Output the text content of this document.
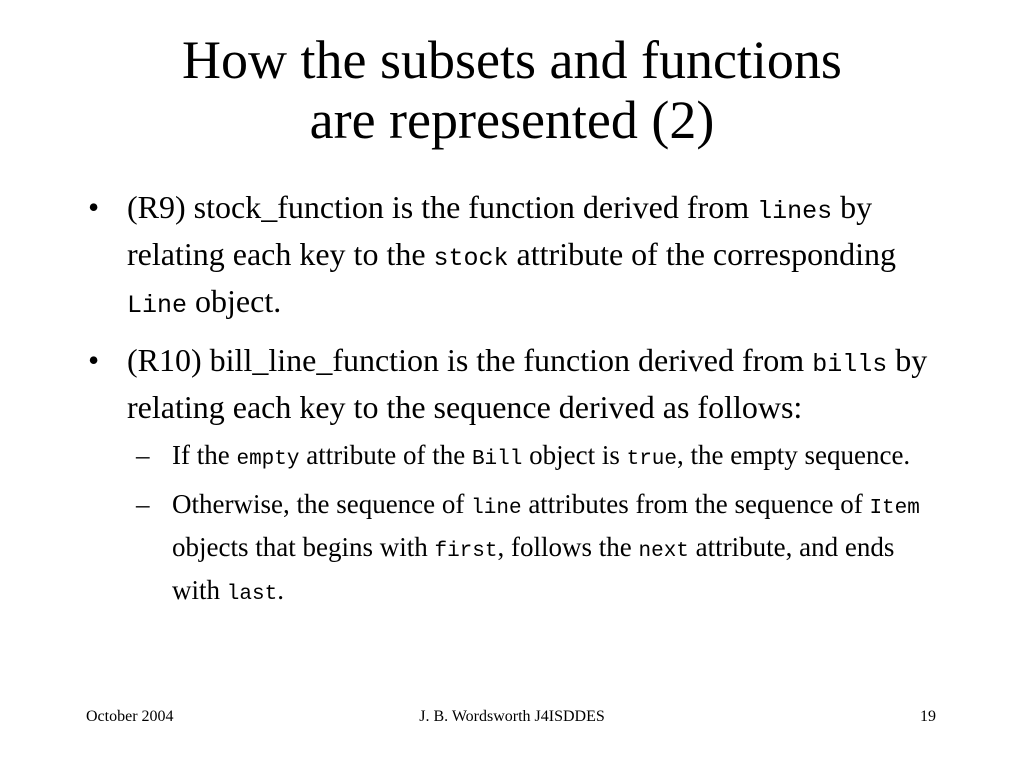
How the subsets and functions
are represented (2)
• (R9) stock_function is the function derived from lines by relating each key to the stock attribute of the corresponding Line object.
• (R10) bill_line_function is the function derived from bills by relating each key to the sequence derived as follows:
– If the empty attribute of the Bill object is true, the empty sequence.
– Otherwise, the sequence of line attributes from the sequence of Item objects that begins with first, follows the next attribute, and ends with last.
October 2004	J. B. Wordsworth J4ISDDES	19
